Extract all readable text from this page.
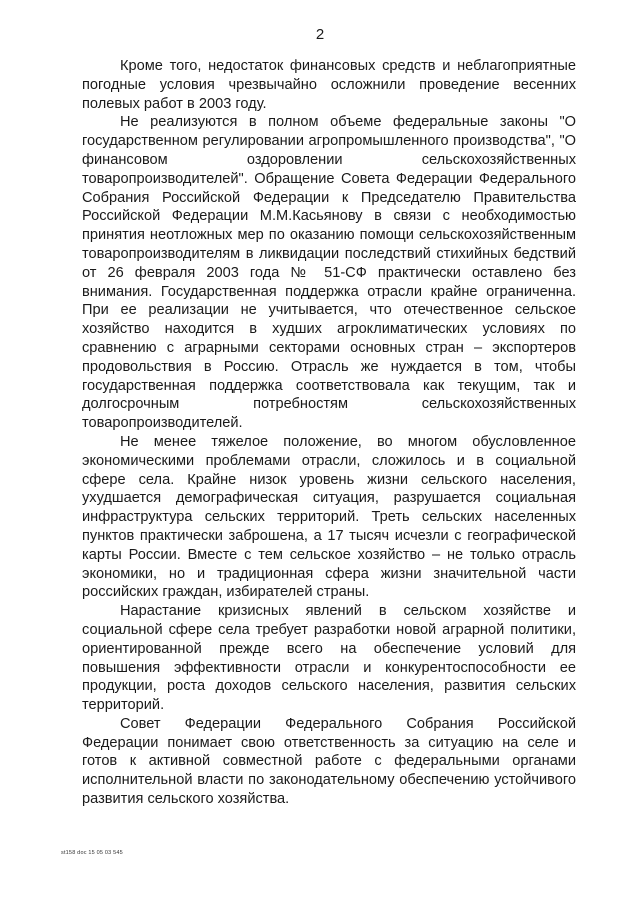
2

Кроме того, недостаток финансовых средств и неблагоприятные погодные условия чрезвычайно осложнили проведение весенних полевых работ в 2003 году.

Не реализуются в полном объеме федеральные законы "О государственном регулировании агропромышленного производства", "О финансовом оздоровлении сельскохозяйственных товаропроизводителей". Обращение Совета Федерации Федерального Собрания Российской Федерации к Председателю Правительства Российской Федерации М.М.Касьянову в связи с необходимостью принятия неотложных мер по оказанию помощи сельскохозяйственным товаропроизводителям в ликвидации последствий стихийных бедствий от 26 февраля 2003 года № 51-СФ практически оставлено без внимания. Государственная поддержка отрасли крайне ограниченна. При ее реализации не учитывается, что отечественное сельское хозяйство находится в худших агроклиматических условиях по сравнению с аграрными секторами основных стран – экспортеров продовольствия в Россию. Отрасль же нуждается в том, чтобы государственная поддержка соответствовала как текущим, так и долгосрочным потребностям сельскохозяйственных товаропроизводителей.

Не менее тяжелое положение, во многом обусловленное экономическими проблемами отрасли, сложилось и в социальной сфере села. Крайне низок уровень жизни сельского населения, ухудшается демографическая ситуация, разрушается социальная инфраструктура сельских территорий. Треть сельских населенных пунктов практически заброшена, а 17 тысяч исчезли с географической карты России. Вместе с тем сельское хозяйство – не только отрасль экономики, но и традиционная сфера жизни значительной части российских граждан, избирателей страны.

Нарастание кризисных явлений в сельском хозяйстве и социальной сфере села требует разработки новой аграрной политики, ориентированной прежде всего на обеспечение условий для повышения эффективности отрасли и конкурентоспособности ее продукции, роста доходов сельского населения, развития сельских территорий.

Совет Федерации Федерального Собрания Российской Федерации понимает свою ответственность за ситуацию на селе и готов к активной совместной работе с федеральными органами исполнительной власти по законодательному обеспечению устойчивого развития сельского хозяйства.

st158 doc 15 05 03 545
